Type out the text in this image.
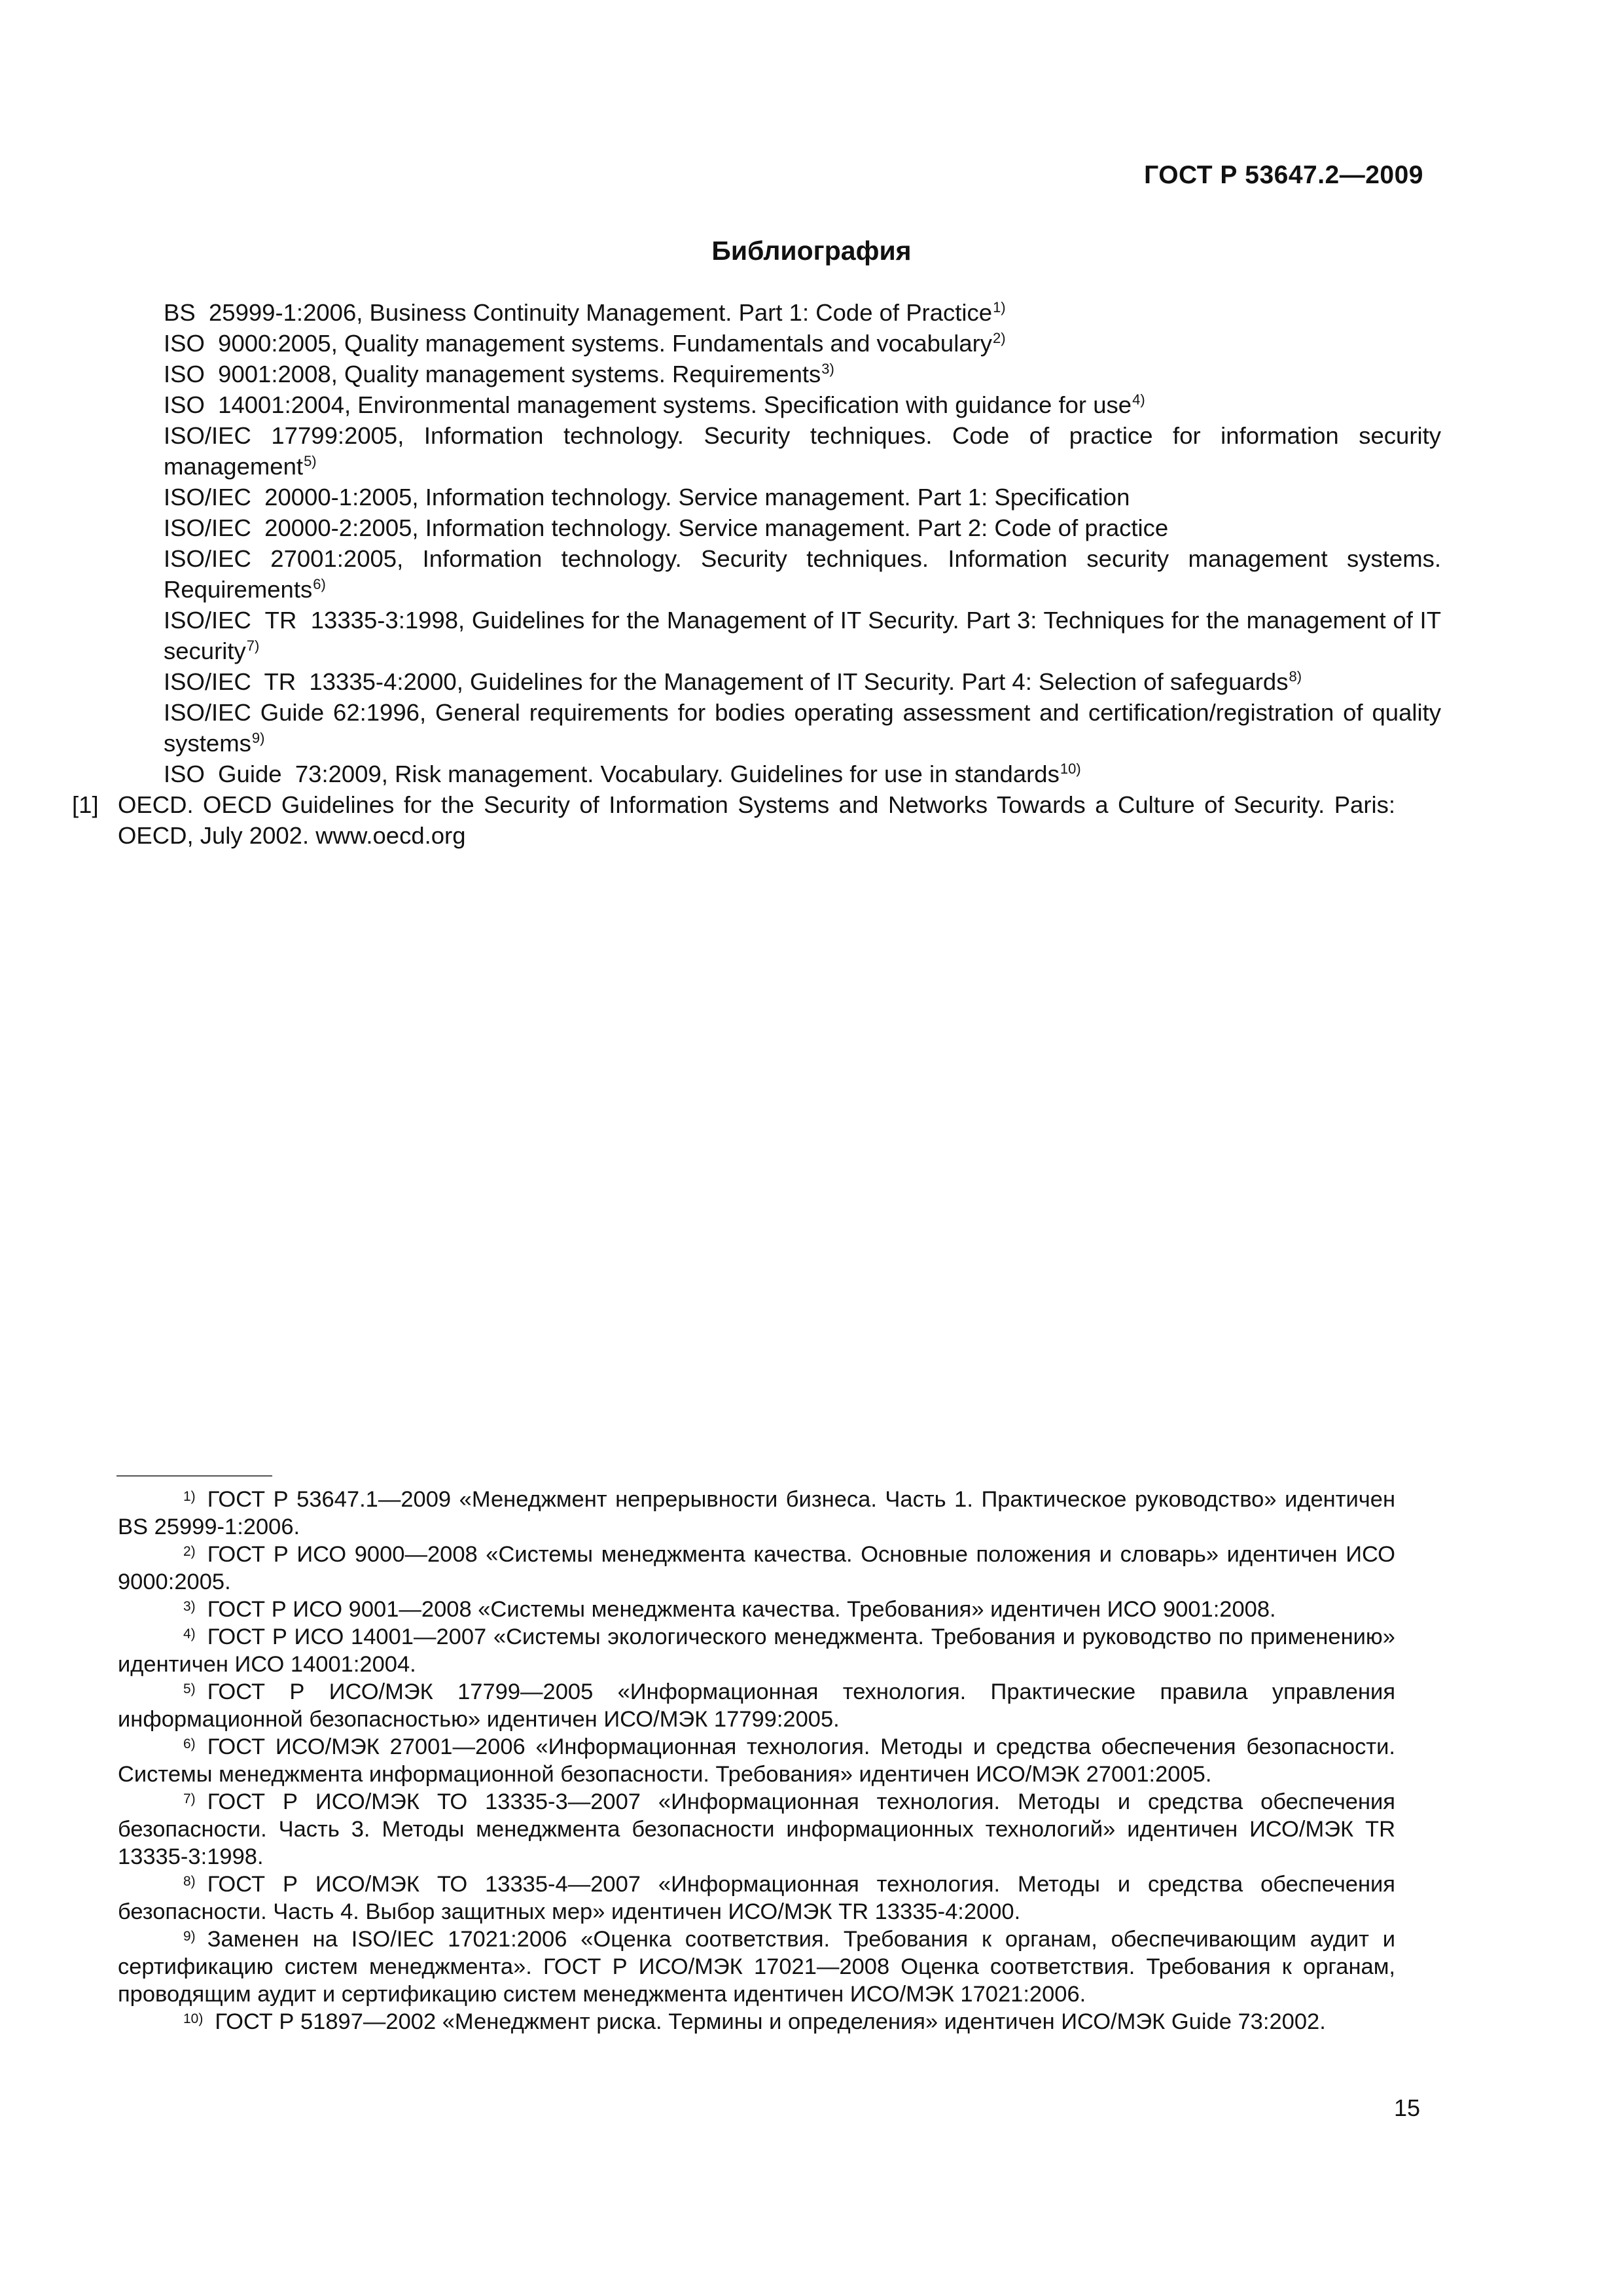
ГОСТ Р 53647.2—2009
Библиография
BS  25999-1:2006, Business Continuity Management. Part 1: Code of Practice$^{1)}$
ISO  9000:2005, Quality management systems. Fundamentals and vocabulary$^{2)}$
ISO  9001:2008, Quality management systems. Requirements$^{3)}$
ISO  14001:2004, Environmental management systems. Specification with guidance for use$^{4)}$
ISO/IEC 17799:2005, Information technology. Security techniques. Code of practice for information security management$^{5)}$
ISO/IEC  20000-1:2005, Information technology. Service management. Part 1: Specification
ISO/IEC  20000-2:2005, Information technology. Service management. Part 2: Code of practice
ISO/IEC 27001:2005, Information technology. Security techniques. Information security management systems. Requirements$^{6)}$
ISO/IEC  TR  13335-3:1998, Guidelines for the Management of IT Security. Part 3: Techniques for the management of IT security$^{7)}$
ISO/IEC  TR  13335-4:2000, Guidelines for the Management of IT Security. Part 4: Selection of safeguards$^{8)}$
ISO/IEC Guide 62:1996, General requirements for bodies operating assessment and certification/registration of quality systems$^{9)}$
ISO  Guide  73:2009, Risk management. Vocabulary. Guidelines for use in standards$^{10)}$
[1] OECD. OECD Guidelines for the Security of Information Systems and Networks Towards a Culture of Security. Paris: OECD, July 2002. www.oecd.org

$^{1)}$ ГОСТ Р 53647.1—2009 «Менеджмент непрерывности бизнеса. Часть 1. Практическое руководство» идентичен BS 25999-1:2006.

$^{2)}$ ГОСТ Р ИСО 9000—2008 «Системы менеджмента качества. Основные положения и словарь» идентичен ИСО 9000:2005.

$^{3)}$ ГОСТ Р ИСО 9001—2008 «Системы менеджмента качества. Требования» идентичен ИСО 9001:2008.

$^{4)}$ ГОСТ Р ИСО 14001—2007 «Системы экологического менеджмента. Требования и руководство по применению» идентичен ИСО 14001:2004.

$^{5)}$ ГОСТ Р ИСО/МЭК 17799—2005 «Информационная технология. Практические правила управления информационной безопасностью» идентичен ИСО/МЭК 17799:2005.

$^{6)}$ ГОСТ ИСО/МЭК 27001—2006 «Информационная технология. Методы и средства обеспечения безопасности. Системы менеджмента информационной безопасности. Требования» идентичен ИСО/МЭК 27001:2005.

$^{7)}$ ГОСТ Р ИСО/МЭК ТО 13335-3—2007 «Информационная технология. Методы и средства обеспечения безопасности. Часть 3. Методы менеджмента безопасности информационных технологий» идентичен ИСО/МЭК TR 13335-3:1998.

$^{8)}$ ГОСТ Р ИСО/МЭК ТО 13335-4—2007 «Информационная технология. Методы и средства обеспечения безопасности. Часть 4. Выбор защитных мер» идентичен ИСО/МЭК TR 13335-4:2000.

$^{9)}$ Заменен на ISO/IEC 17021:2006 «Оценка соответствия. Требования к органам, обеспечивающим аудит и сертификацию систем менеджмента». ГОСТ Р ИСО/МЭК 17021—2008 Оценка соответствия. Требования к органам, проводящим аудит и сертификацию систем менеджмента идентичен ИСО/МЭК 17021:2006.

$^{10)}$ ГОСТ Р 51897—2002 «Менеджмент риска. Термины и определения» идентичен ИСО/МЭК Guide 73:2002.

15
